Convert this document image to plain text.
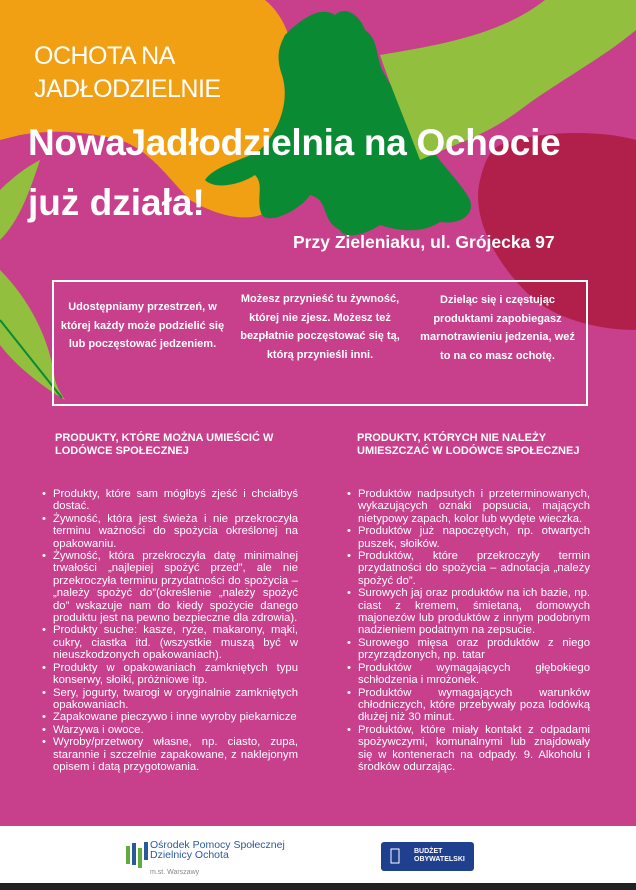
OCHOTA NA
JADŁODZIELNIE
NowaJadłodzielnia na Ochocie
już działa!
Przy Zieleniaku, ul. Grójecka 97
Udostępniamy przestrzeń, w której każdy może podzielić się lub poczęstować jedzeniem.
Możesz przynieść tu żywność, której nie zjesz. Możesz też bezpłatnie poczęstować się tą, którą przynieśli inni.
Dzieląc się i częstując produktami zapobiegasz marnotrawieniu jedzenia, weź to na co masz ochotę.
PRODUKTY, KTÓRE MOŻNA UMIEŚCIĆ W LODÓWCE SPOŁECZNEJ
PRODUKTY, KTÓRYCH NIE NALEŻY UMIESZCZAĆ W LODÓWCE SPOŁECZNEJ
• Produkty, które sam mógłbyś zjeść i chciałbyś dostać.
• Żywność, która jest świeża i nie przekroczyła terminu ważności do spożycia określonej na opakowaniu.
• Żywność, która przekroczyła datę minimalnej trwałości „najlepiej spożyć przed”, ale nie przekroczyła terminu przydatności do spożycia – „należy spożyć do”(określenie „należy spożyć do” wskazuje nam do kiedy spożycie danego produktu jest na pewno bezpieczne dla zdrowia).
• Produkty suche: kasze, ryże, makarony, mąki, cukry, ciastka itd. (wszystkie muszą być w nieuszkodzonych opakowaniach).
• Produkty w opakowaniach zamkniętych typu konserwy, słoiki, próżniowe itp.
• Sery, jogurty, twarogi w oryginalnie zamkniętych opakowaniach.
• Zapakowane pieczywo i inne wyroby piekarnicze
• Warzywa i owoce.
• Wyroby/przetwory własne, np. ciasto, zupa, starannie i szczelnie zapakowane, z naklejonym opisem i datą przygotowania.
• Produktów nadpsutych i przeterminowanych, wykazujących oznaki popsucia, mających nietypowy zapach, kolor lub wydęte wieczka.
• Produktów już napoczętych, np. otwartych puszek, słoików.
• Produktów, które przekroczyły termin przydatności do spożycia – adnotacja „należy spożyć do”.
• Surowych jaj oraz produktów na ich bazie, np. ciast z kremem, śmietaną, domowych majonezów lub produktów z innym podobnym nadzieniem podatnym na zepsucie.
• Surowego mięsa oraz produktów z niego przyrządzonych, np. tatar
• Produktów wymagających głębokiego schłodzenia i mrożonek.
• Produktów wymagających warunków chłodniczych, które przebywały poza lodówką dłużej niż 30 minut.
• Produktów, które miały kontakt z odpadami spożywczymi, komunalnymi lub znajdowały się w kontenerach na odpady. 9. Alkoholu i środków odurzając.
Ośrodek Pomocy Społecznej
Dzielnicy Ochota
m.st. Warszawy
BUDŻET
OBYWATELSKI
